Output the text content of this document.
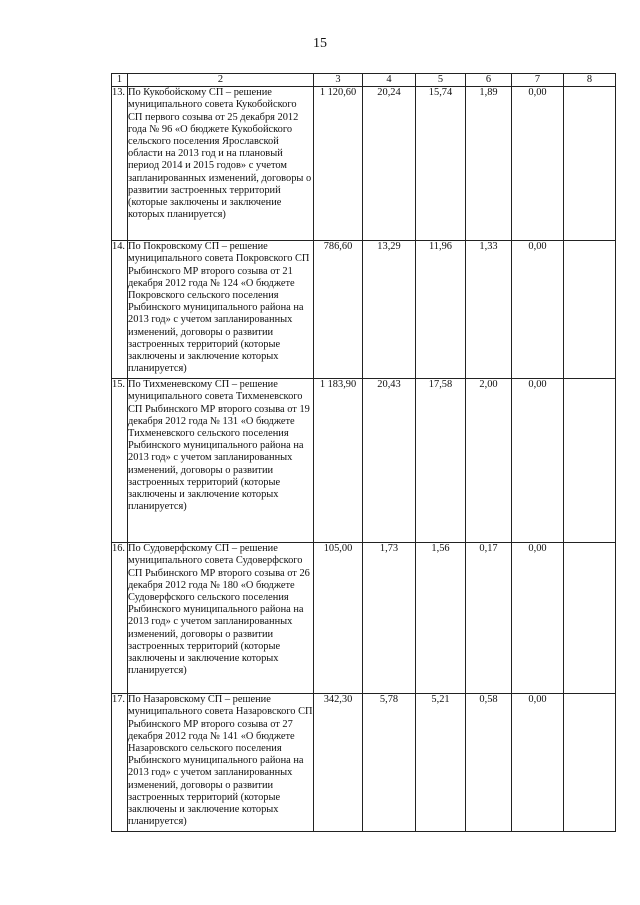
15
1	2	3	4	5	6	7	8
13.	По Кукобойскому СП – решение муниципального совета Кукобойского СП первого созыва от 25 декабря 2012 года № 96 «О бюджете Кукобойского сельского поселения Ярославской области на 2013 год и на плановый период 2014 и 2015 годов» с учетом запланированных изменений, договоры о развитии застроенных территорий (которые заключены и заключение которых планируется)	1 120,60	20,24	15,74	1,89	0,00	
14.	По Покровскому СП – решение муниципального совета Покровского СП Рыбинского МР второго созыва от 21 декабря 2012 года № 124 «О бюджете Покровского сельского поселения Рыбинского муниципального района на 2013 год» с учетом запланированных изменений, договоры о развитии застроенных территорий (которые заключены и заключение которых планируется)	786,60	13,29	11,96	1,33	0,00	
15.	По Тихменевскому СП – решение муниципального совета Тихменевского СП Рыбинского МР второго созыва от 19 декабря 2012 года № 131 «О бюджете Тихменевского сельского поселения Рыбинского муниципального района на 2013 год» с учетом запланированных изменений, договоры о развитии застроенных территорий (которые заключены и заключение которых планируется)	1 183,90	20,43	17,58	2,00	0,00	
16.	По Судоверфскому СП – решение муниципального совета Судоверфского СП Рыбинского МР второго созыва от 26 декабря 2012 года № 180 «О бюджете Судоверфского сельского поселения Рыбинского муниципального района на 2013 год» с учетом запланированных изменений, договоры о развитии застроенных территорий (которые заключены и заключение которых планируется)	105,00	1,73	1,56	0,17	0,00	
17.	По Назаровскому СП – решение муниципального совета Назаровского СП Рыбинского МР второго созыва от 27 декабря 2012 года № 141 «О бюджете Назаровского сельского поселения Рыбинского муниципального района на 2013 год» с учетом запланированных изменений, договоры о развитии застроенных территорий (которые заключены и заключение которых планируется)	342,30	5,78	5,21	0,58	0,00	
